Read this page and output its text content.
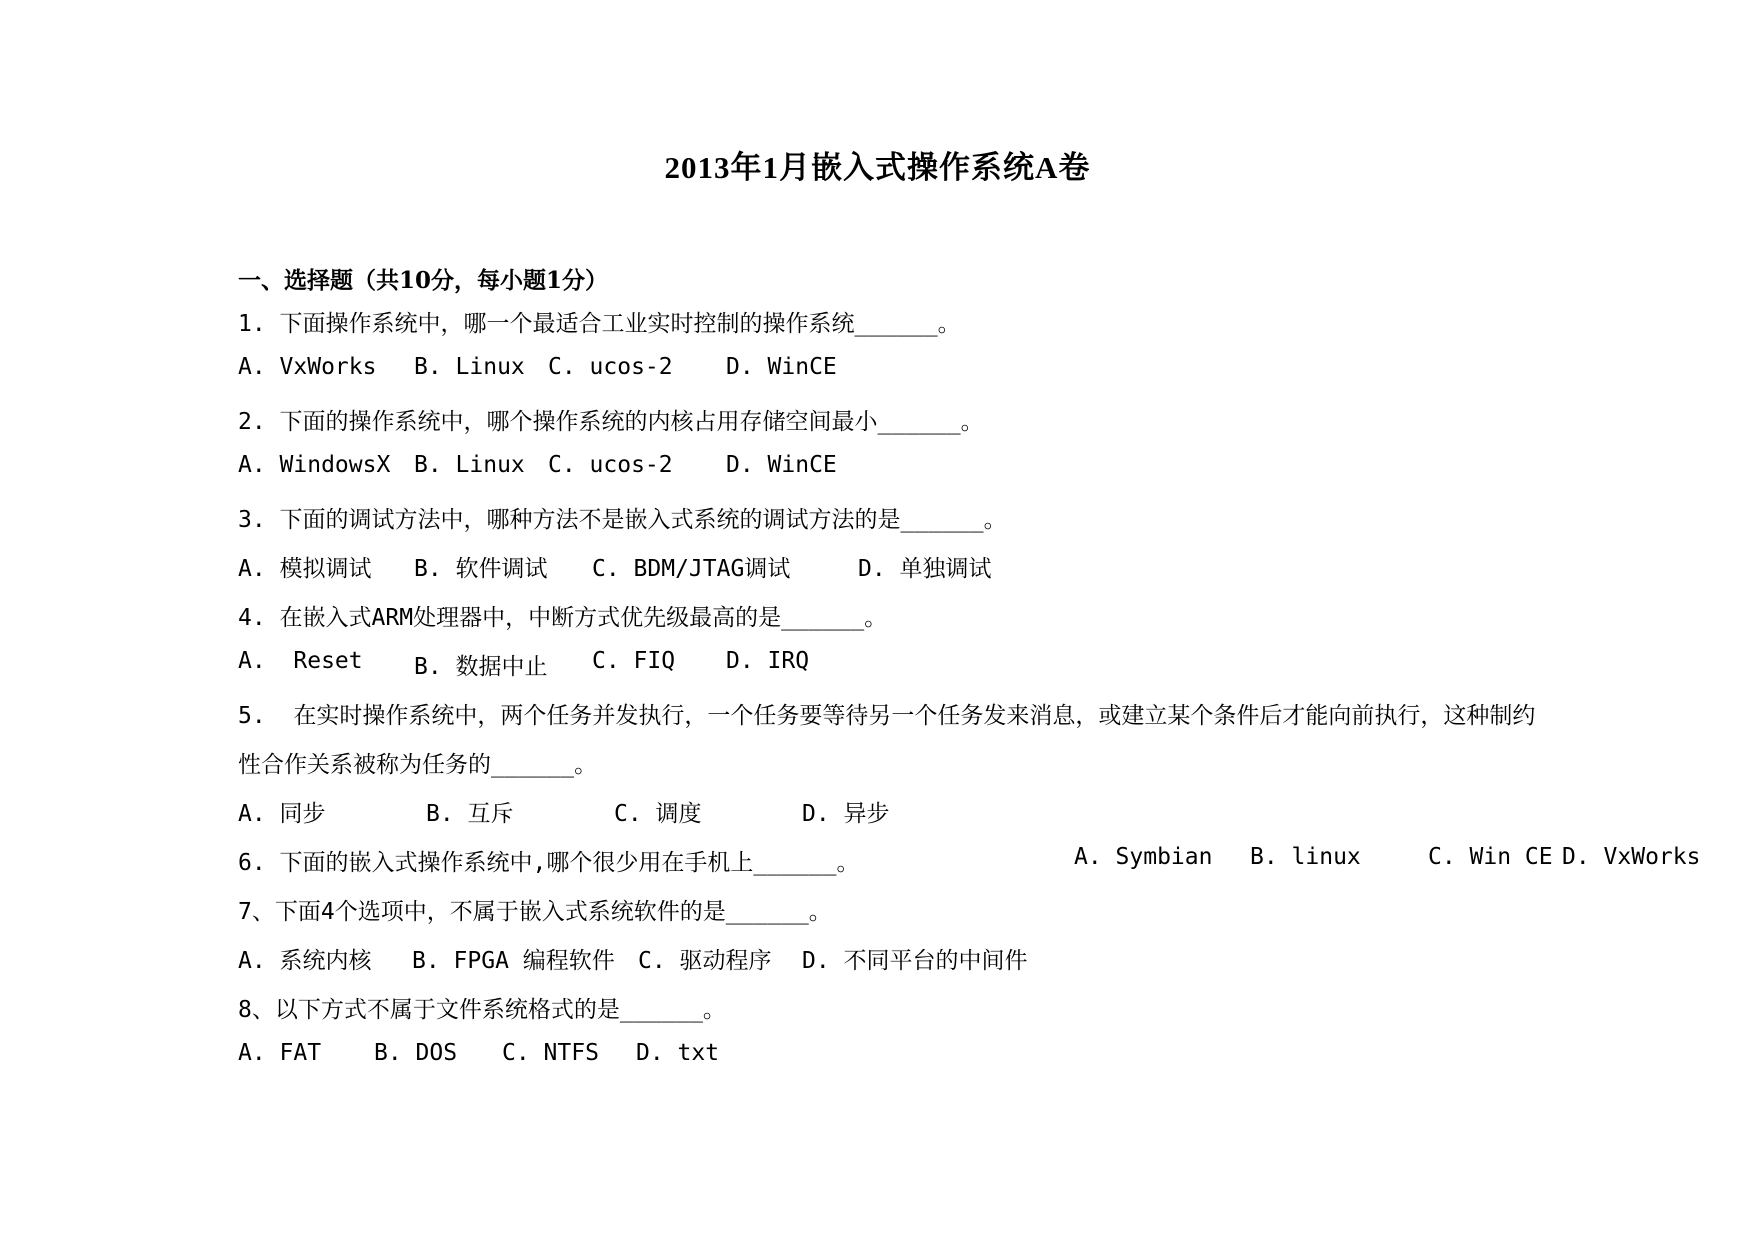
2013年1月嵌入式操作系统A卷
一、选择题（共10分，每小题1分）
1. 下面操作系统中，哪一个最适合工业实时控制的操作系统______。
A. VxWorks B. Linux C. ucos-2 D. WinCE
2. 下面的操作系统中，哪个操作系统的内核占用存储空间最小______。
A. WindowsX B. Linux C. ucos-2 D. WinCE
3. 下面的调试方法中，哪种方法不是嵌入式系统的调试方法的是______。
A. 模拟调试 B. 软件调试 C. BDM/JTAG调试	D. 单独调试
4. 在嵌入式ARM处理器中，中断方式优先级最高的是______。
A.  Reset B. 数据中止 C. FIQ D. IRQ
5.  在实时操作系统中，两个任务并发执行，一个任务要等待另一个任务发来消息，或建立某个条件后才能向前执行，这种制约
性合作关系被称为任务的______。
A. 同步	B. 互斥	C. 调度	D. 异步
6. 下面的嵌入式操作系统中,哪个很少用在手机上______。	A. Symbian B. linux	C. Win CE D. VxWorks
7、下面4个选项中，不属于嵌入式系统软件的是______。
A. 系统内核 B. FPGA 编程软件 C. 驱动程序 D. 不同平台的中间件
8、以下方式不属于文件系统格式的是______。
A. FAT B. DOS C. NTFS D. txt
